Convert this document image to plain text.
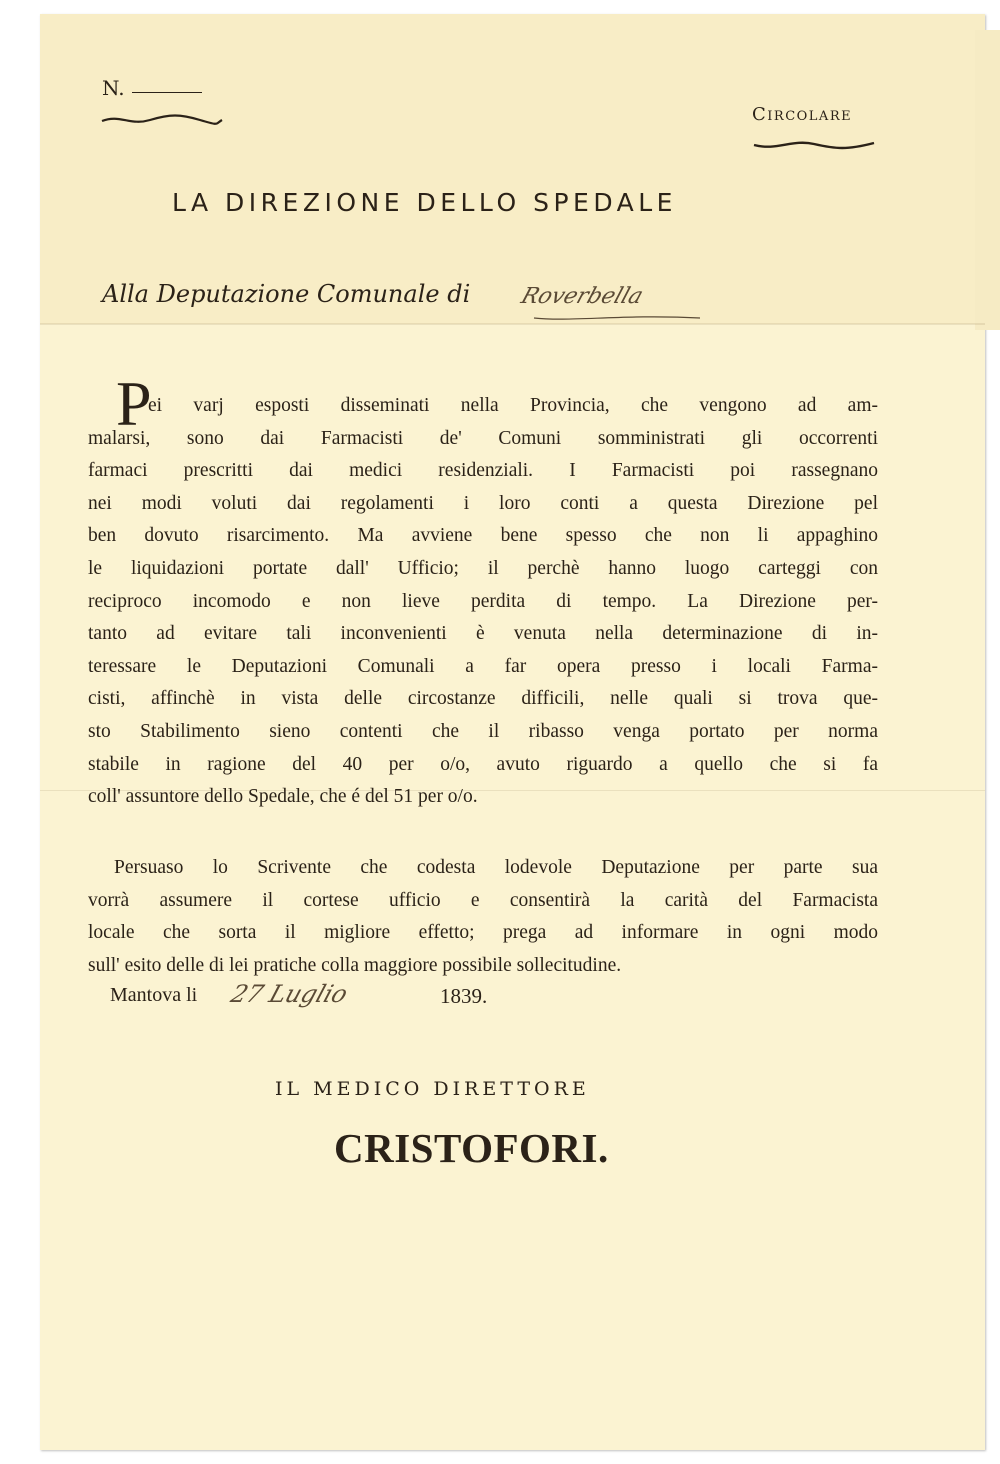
N.
Circolare
LA DIREZIONE DELLO SPEDALE
Alla Deputazione Comunale di Roverbella
P
ei varj esposti disseminati nella Provincia, che vengono ad am-
malarsi, sono dai Farmacisti de' Comuni somministrati gli occorrenti
farmaci prescritti dai medici residenziali. I Farmacisti poi rassegnano
nei modi voluti dai regolamenti i loro conti a questa Direzione pel
ben dovuto risarcimento. Ma avviene bene spesso che non li appaghino
le liquidazioni portate dall' Ufficio; il perchè hanno luogo carteggi con
reciproco incomodo e non lieve perdita di tempo. La Direzione per-
tanto ad evitare tali inconvenienti è venuta nella determinazione di in-
teressare le Deputazioni Comunali a far opera presso i locali Farma-
cisti, affinchè in vista delle circostanze difficili, nelle quali si trova que-
sto Stabilimento sieno contenti che il ribasso venga portato per norma
stabile in ragione del 40 per o/o, avuto riguardo a quello che si fa
coll' assuntore dello Spedale, che é del 51 per o/o.
Persuaso lo Scrivente che codesta lodevole Deputazione per parte sua
vorrà assumere il cortese ufficio e consentirà la carità del Farmacista
locale che sorta il migliore effetto; prega ad informare in ogni modo
sull' esito delle di lei pratiche colla maggiore possibile sollecitudine.
Mantova li 27 Luglio	1839.
IL MEDICO DIRETTORE
CRISTOFORI.
